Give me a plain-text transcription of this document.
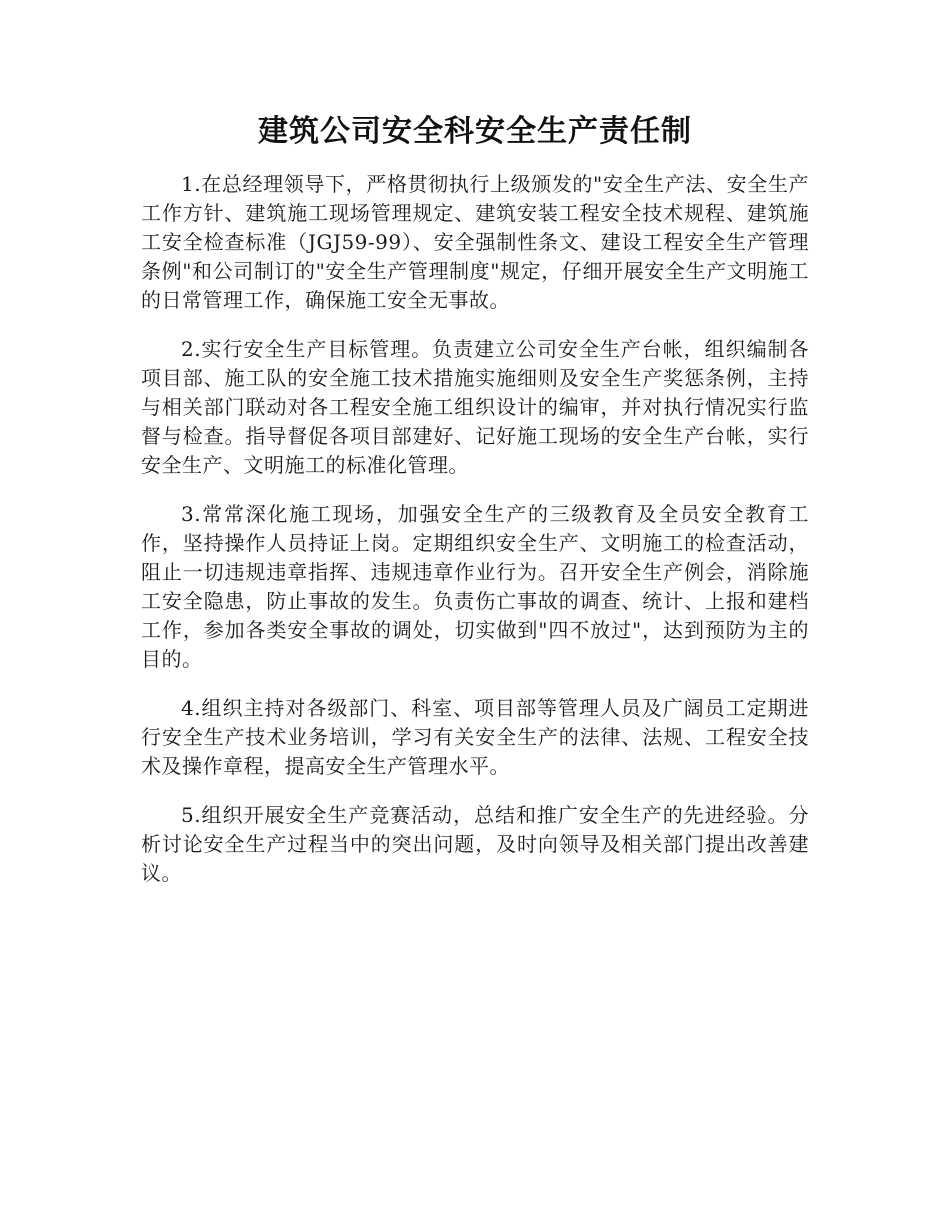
建筑公司安全科安全生产责任制

1.在总经理领导下，严格贯彻执行上级颁发的"安全生产法、安全生产工作方针、建筑施工现场管理规定、建筑安装工程安全技术规程、建筑施工安全检查标准（JGJ59-99）、安全强制性条文、建设工程安全生产管理条例"和公司制订的"安全生产管理制度"规定，仔细开展安全生产文明施工的日常管理工作，确保施工安全无事故。

2.实行安全生产目标管理。负责建立公司安全生产台帐，组织编制各项目部、施工队的安全施工技术措施实施细则及安全生产奖惩条例，主持与相关部门联动对各工程安全施工组织设计的编审，并对执行情况实行监督与检查。指导督促各项目部建好、记好施工现场的安全生产台帐，实行安全生产、文明施工的标准化管理。

3.常常深化施工现场，加强安全生产的三级教育及全员安全教育工作，坚持操作人员持证上岗。定期组织安全生产、文明施工的检查活动，阻止一切违规违章指挥、违规违章作业行为。召开安全生产例会，消除施工安全隐患，防止事故的发生。负责伤亡事故的调查、统计、上报和建档工作，参加各类安全事故的调处，切实做到"四不放过"，达到预防为主的目的。

4.组织主持对各级部门、科室、项目部等管理人员及广阔员工定期进行安全生产技术业务培训，学习有关安全生产的法律、法规、工程安全技术及操作章程，提高安全生产管理水平。

5.组织开展安全生产竞赛活动，总结和推广安全生产的先进经验。分析讨论安全生产过程当中的突出问题，及时向领导及相关部门提出改善建议。
